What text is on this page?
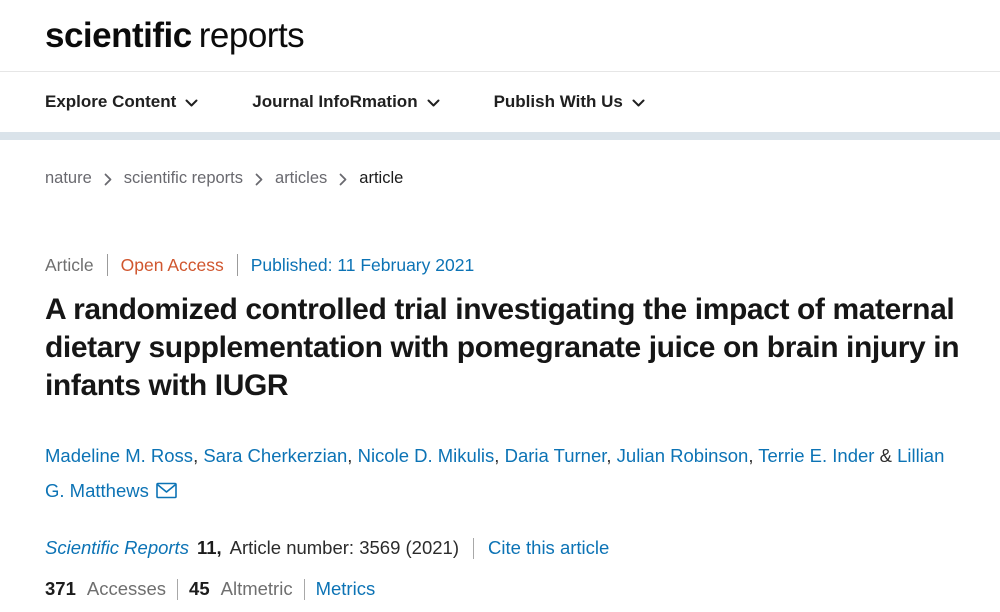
scientific reports
Explore Content	Journal InfoRmation	Publish With Us
nature scientific reports articles article
Article Open Access Published: 11 February 2021
A randomized controlled trial investigating the impact of maternal dietary supplementation with pomegranate juice on brain injury in infants with IUGR

Madeline M. Ross, Sara Cherkerzian, Nicole D. Mikulis, Daria Turner, Julian Robinson, Terrie E. Inder & Lillian G. Matthews

Scientific Reports 11, Article number: 3569 (2021) Cite this article
371 Accesses 45 Altmetric Metrics
